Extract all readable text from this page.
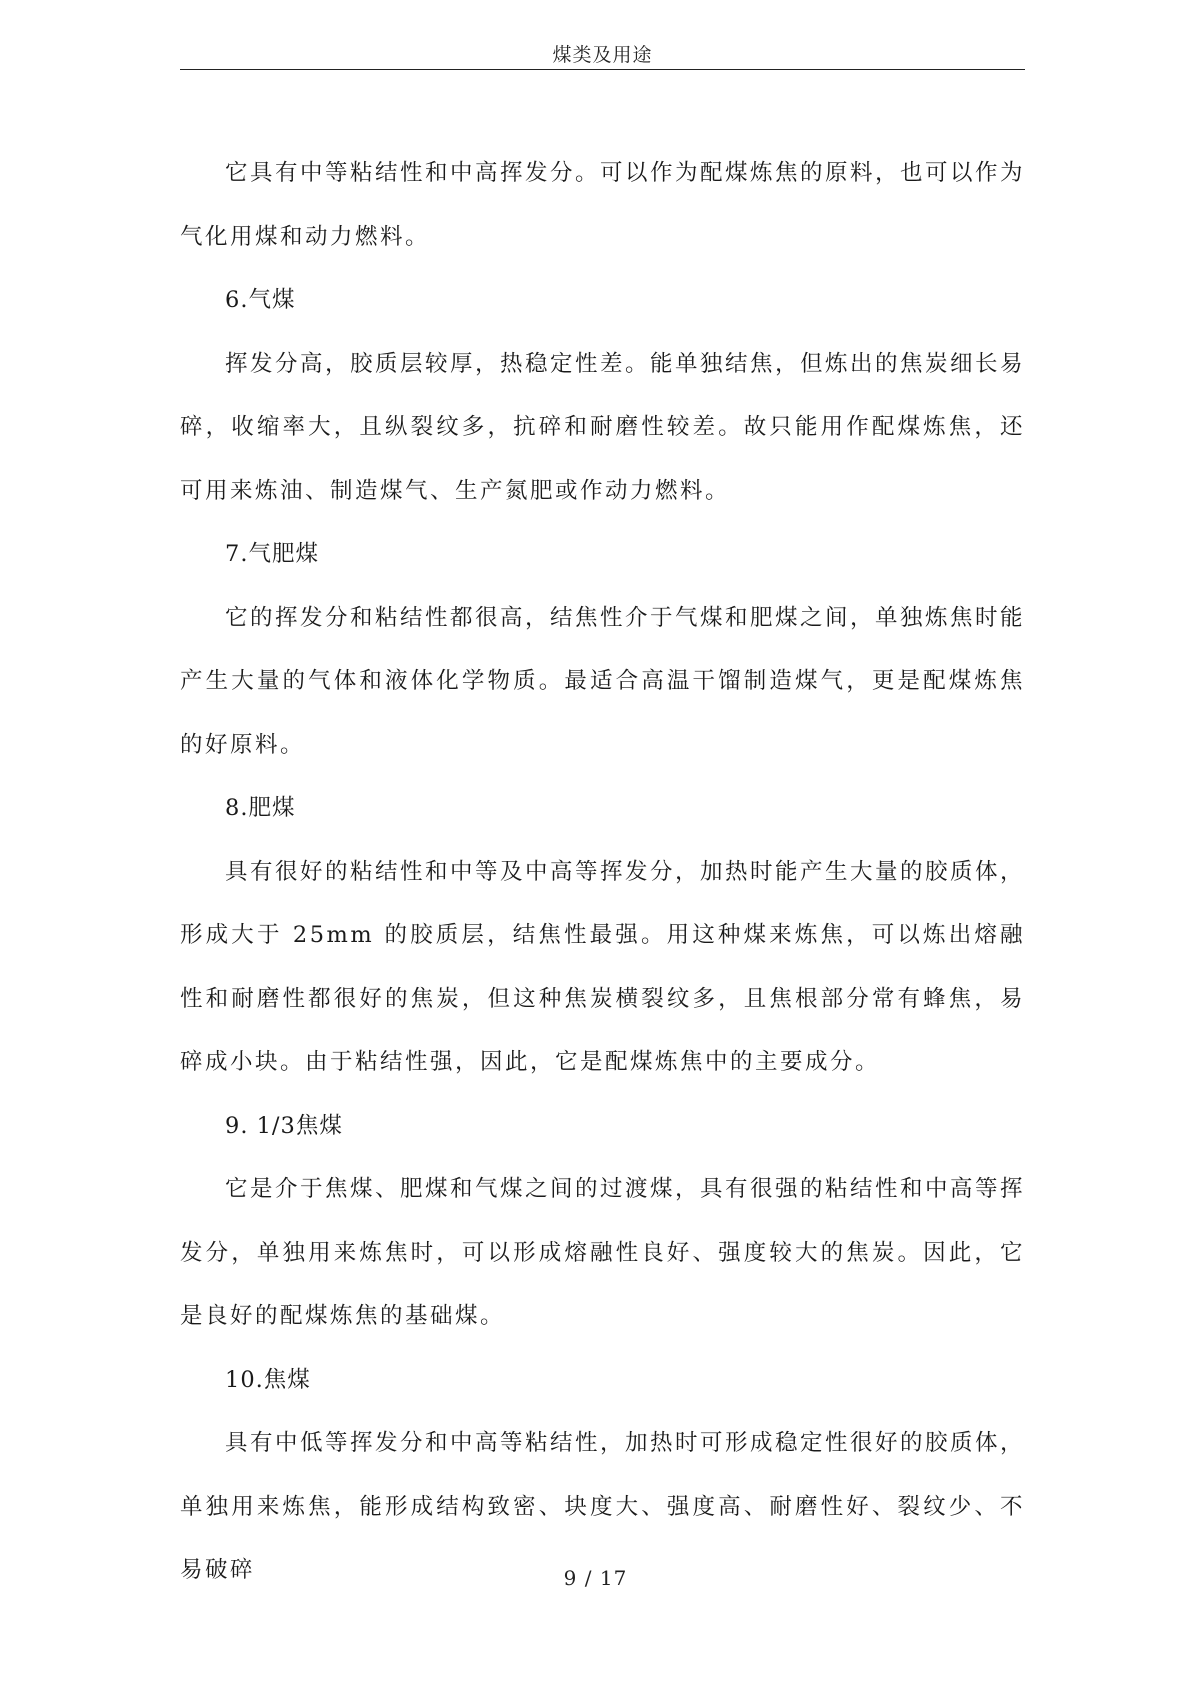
煤类及用途

它具有中等粘结性和中高挥发分。可以作为配煤炼焦的原料，也可以作为气化用煤和动力燃料。

6.气煤

挥发分高，胶质层较厚，热稳定性差。能单独结焦，但炼出的焦炭细长易碎，收缩率大，且纵裂纹多，抗碎和耐磨性较差。故只能用作配煤炼焦，还可用来炼油、制造煤气、生产氮肥或作动力燃料。

7.气肥煤

它的挥发分和粘结性都很高，结焦性介于气煤和肥煤之间，单独炼焦时能产生大量的气体和液体化学物质。最适合高温干馏制造煤气，更是配煤炼焦的好原料。

8.肥煤

具有很好的粘结性和中等及中高等挥发分，加热时能产生大量的胶质体，形成大于 25mm 的胶质层，结焦性最强。用这种煤来炼焦，可以炼出熔融性和耐磨性都很好的焦炭，但这种焦炭横裂纹多，且焦根部分常有蜂焦，易碎成小块。由于粘结性强，因此，它是配煤炼焦中的主要成分。

9. 1/3焦煤

它是介于焦煤、肥煤和气煤之间的过渡煤，具有很强的粘结性和中高等挥发分，单独用来炼焦时，可以形成熔融性良好、强度较大的焦炭。因此，它是良好的配煤炼焦的基础煤。

10.焦煤

具有中低等挥发分和中高等粘结性，加热时可形成稳定性很好的胶质体，单独用来炼焦，能形成结构致密、块度大、强度高、耐磨性好、裂纹少、不易破碎	9 / 17
